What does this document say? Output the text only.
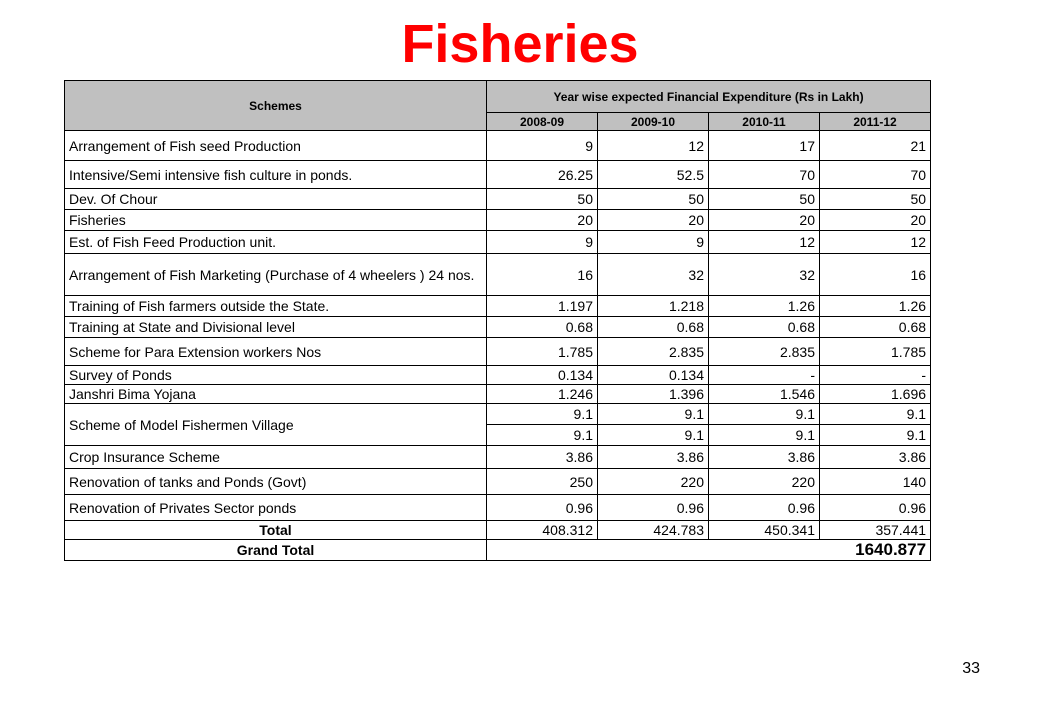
Fisheries
Schemes	Year wise expected Financial Expenditure (Rs in Lakh)			
	2008-09	2009-10	2010-11	2011-12
Arrangement of Fish seed Production	9	12	17	21
Intensive/Semi intensive fish culture in ponds.	26.25	52.5	70	70
Dev. Of Chour	50	50	50	50
Fisheries	20	20	20	20
Est. of Fish Feed Production unit.	9	9	12	12
Arrangement of Fish Marketing (Purchase of 4 wheelers ) 24 nos.	16	32	32	16
Training of Fish farmers outside the State.	1.197	1.218	1.26	1.26
Training at State and Divisional level	0.68	0.68	0.68	0.68
Scheme for Para Extension workers Nos	1.785	2.835	2.835	1.785
Survey of Ponds	0.134	0.134	-	-
Janshri Bima Yojana	1.246	1.396	1.546	1.696
Scheme of Model Fishermen Village	9.1	9.1	9.1	9.1
	9.1	9.1	9.1	9.1
Crop Insurance Scheme	3.86	3.86	3.86	3.86
Renovation of tanks and Ponds (Govt)	250	220	220	140
Renovation of Privates Sector ponds	0.96	0.96	0.96	0.96
Total	408.312	424.783	450.341	357.441
Grand Total	1640.877			
33
